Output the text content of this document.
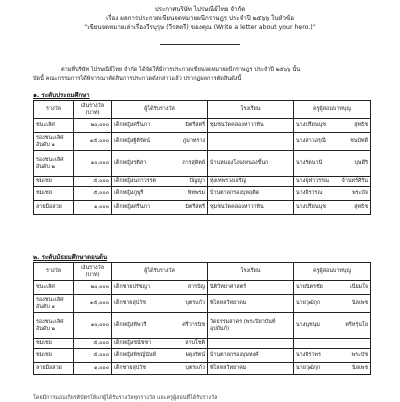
ประกาศบริษัท ไปรษณีย์ไทย จำกัด
เรื่อง ผลการประกวดเขียนจดหมายผนึกราษฎร ประจำปี ๒๕๖๖ ในหัวข้อ
“เขียนจดหมายเล่าเรื่องวีรบุรุษ (วีรสตรี) ของคุณ (Write a letter about your hero.)”
ตามที่บริษัท ไปรษณีย์ไทย จำกัด ได้จัดให้มีการประกวดเขียนจดหมายผนึกราษฎร ประจำปี ๒๕๖๖ นั้น
บัดนี้ คณะกรรมการได้พิจารณาคัดสินการประกวดดังกล่าวแล้ว ปรากฏผลการตัดสินดังนี้
๑. ระดับประถมศึกษา
รางวัล	เงินรางวัล (บาท)	ผู้ได้รับรางวัล	โรงเรียน	ครูผู้สอนบาทบุญ
ชนะเลิศ	๒๐,๐๐๐	เด็กหญิงศรีนภา มิตรีสตรี	ชุมชนวัดคลองหาวาทิน	นางปรียนนุช สุทธิช

รองชนะเลิศ อันดับ ๑	๑๕,๐๐๐	เด็กหญิงฐิติรัตน์ ภูมาทราง		นางสาวอรุณี ชนบัทดี

รองชนะเลิศ อันดับ ๒	๑๐,๐๐๐	เด็กหญิงรติสา ภารสุดิตย์	บ้านหนองโงจงหนองขี้นก	นางรัตนานี บุษดีริ

ชมเชย	๕,๐๐๐	เด็กหญิงนภาวรรต ปัญญา	ทุ่งเทพรวงเจริญ	นางจุฬาวรรณ จ้านทร์ศิรัน

ชมเชย	๕,๐๐๐	เด็กหญิงภูพูรี พิทพรม	บ้านตาลกรองบุหฤติด	นางจิรารณ พระบัจ

ลายมือสวย	๑,๐๐๐	เด็กหญิงศรีนภา มิตรีสตรี	ชุมชนวัดคลองหาวาทิน	นางปรียนนุช สุทธิช
๒. ระดับมัธยมศึกษาตอนต้น
รางวัล	เงินรางวัล (บาท)	ผู้ได้รับรางวัล	โรงเรียน	ครูผู้สอนบาทบุญ
ชนะเลิศ	๒๐,๐๐๐	เด็กชายปรัชญา สารปัญ	นิติวิทยาศาสตร์	นายนิตรชัย เนียมใจ

รองชนะเลิศ อันดับ ๑	๑๕,๐๐๐	เด็กชายสุปวัช บุตรแก้ว	พิไลหลวิทยาคม	นายวุฒิกุก นิลเพช

รองชนะเลิศ อันดับ ๒	๑๐,๐๐๐	เด็กหญิงทิพวรี ศรีวารนิช	วัดธรรมสาคร (พระปิยาบันท์ อุปถัมภ์)	นางนุชนุม ตรีหรุ่นโย

ชมเชย	๕,๐๐๐	เด็กหญิงชนัชชา ลาบโชติ		

ชมเชย	๕,๐๐๐	เด็กหญิงพิชญ์นันท์ ผดุงรัตน์	บ้านตาลกรองบุษหงศ์	นางจิราพร พระบัช

ลายมือสวย	๑,๐๐๐	เด็กชายสุปวัช บุตรแก้ว	พิไลหลวิทยาคม	นายวุฒิกุก นิลเพช
โดยมีการมอบเกียรติบัตรให้แก่ผู้ได้รับรางวัลทุกรางวัล และครูผู้สอนที่ได้รับรางวัล
